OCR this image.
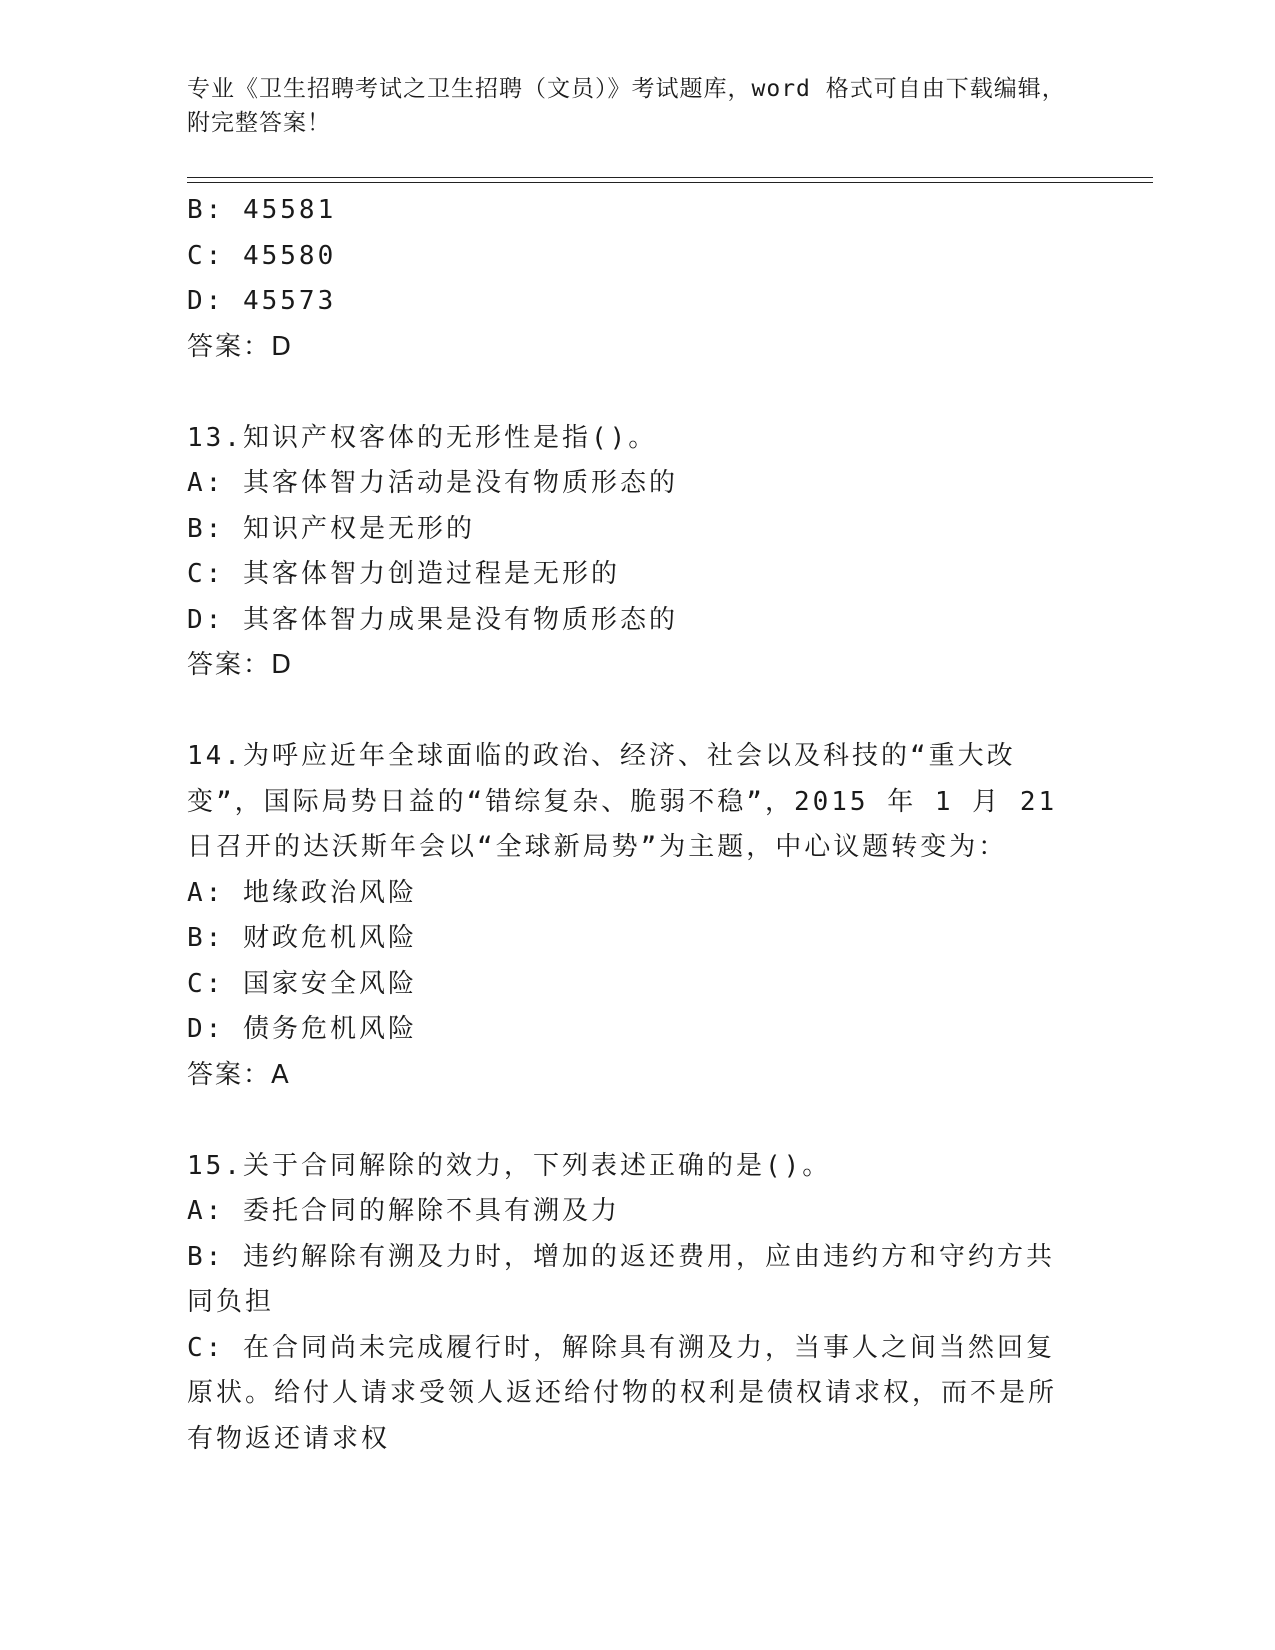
专业《卫生招聘考试之卫生招聘（文员）》考试题库，word 格式可自由下载编辑，附完整答案！
B: 45581
C: 45580
D: 45573
答案：D
13.知识产权客体的无形性是指()。
A: 其客体智力活动是没有物质形态的
B: 知识产权是无形的
C: 其客体智力创造过程是无形的
D: 其客体智力成果是没有物质形态的
答案：D
14.为呼应近年全球面临的政治、经济、社会以及科技的“重大改变”，国际局势日益的“错综复杂、脆弱不稳”，2015 年 1 月 21 日召开的达沃斯年会以“全球新局势”为主题，中心议题转变为：
A: 地缘政治风险
B: 财政危机风险
C: 国家安全风险
D: 债务危机风险
答案：A
15.关于合同解除的效力，下列表述正确的是()。
A: 委托合同的解除不具有溯及力
B: 违约解除有溯及力时，增加的返还费用，应由违约方和守约方共同负担
C: 在合同尚未完成履行时，解除具有溯及力，当事人之间当然回复原状。给付人请求受领人返还给付物的权利是债权请求权，而不是所有物返还请求权
